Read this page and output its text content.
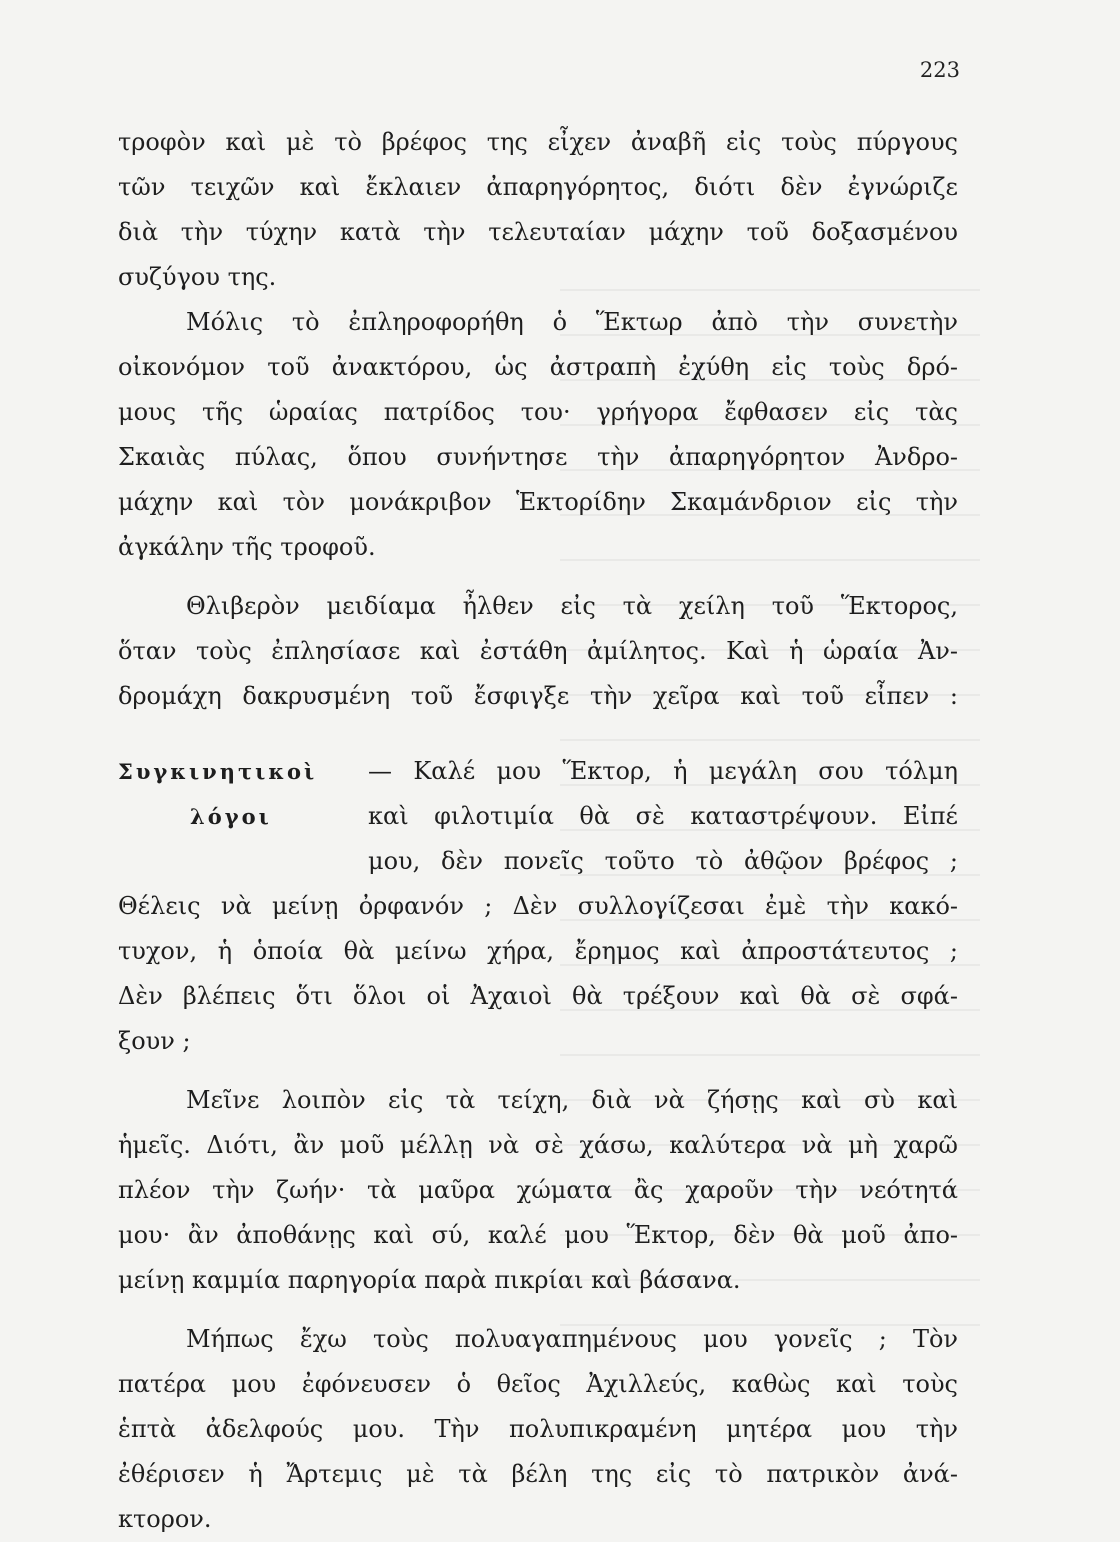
223
τροφὸν καὶ μὲ τὸ βρέφος της εἶχεν ἀναβῆ εἰς τοὺς πύργους
τῶν τειχῶν καὶ ἔκλαιεν ἀπαρηγόρητος, διότι δὲν ἐγνώριζε
διὰ τὴν τύχην κατὰ τὴν τελευταίαν μάχην τοῦ δοξασμένου
συζύγου της.
Μόλις τὸ ἐπληροφορήθη ὁ Ἕκτωρ ἀπὸ τὴν συνετὴν
οἰκονόμον τοῦ ἀνακτόρου, ὡς ἀστραπὴ ἐχύθη εἰς τοὺς δρό-
μους τῆς ὡραίας πατρίδος του· γρήγορα ἔφθασεν εἰς τὰς
Σκαιὰς πύλας, ὅπου συνήντησε τὴν ἀπαρηγόρητον Ἀνδρο-
μάχην καὶ τὸν μονάκριβον Ἑκτορίδην Σκαμάνδριον εἰς τὴν
ἀγκάλην τῆς τροφοῦ.
Θλιβερὸν μειδίαμα ἦλθεν εἰς τὰ χείλη τοῦ Ἕκτορος,
ὅταν τοὺς ἐπλησίασε καὶ ἐστάθη ἀμίλητος. Καὶ ἡ ὡραία Ἀν-
δρομάχη δακρυσμένη τοῦ ἔσφιγξε τὴν χεῖρα καὶ τοῦ εἶπεν :
Συγκινητικοὶ
λόγοι
— Καλέ μου Ἕκτορ, ἡ μεγάλη σου τόλμη
καὶ φιλοτιμία θὰ σὲ καταστρέψουν. Εἰπέ
μου, δὲν πονεῖς τοῦτο τὸ ἀθῷον βρέφος ;
Θέλεις νὰ μείνῃ ὀρφανόν ; Δὲν συλλογίζεσαι ἐμὲ τὴν κακό-
τυχον, ἡ ὁποία θὰ μείνω χήρα, ἔρημος καὶ ἀπροστάτευτος ;
Δὲν βλέπεις ὅτι ὅλοι οἱ Ἀχαιοὶ θὰ τρέξουν καὶ θὰ σὲ σφά-
ξουν ;
Μεῖνε λοιπὸν εἰς τὰ τείχη, διὰ νὰ ζήσῃς καὶ σὺ καὶ
ἡμεῖς. Διότι, ἂν μοῦ μέλλῃ νὰ σὲ χάσω, καλύτερα νὰ μὴ χαρῶ
πλέον τὴν ζωήν· τὰ μαῦρα χώματα ἂς χαροῦν τὴν νεότητά
μου· ἂν ἀποθάνῃς καὶ σύ, καλέ μου Ἕκτορ, δὲν θὰ μοῦ ἀπο-
μείνῃ καμμία παρηγορία παρὰ πικρίαι καὶ βάσανα.
Μήπως ἔχω τοὺς πολυαγαπημένους μου γονεῖς ; Τὸν
πατέρα μου ἐφόνευσεν ὁ θεῖος Ἀχιλλεύς, καθὼς καὶ τοὺς
ἑπτὰ ἀδελφούς μου. Τὴν πολυπικραμένη μητέρα μου τὴν
ἐθέρισεν ἡ Ἄρτεμις μὲ τὰ βέλη της εἰς τὸ πατρικὸν ἀνά-
κτορον.
